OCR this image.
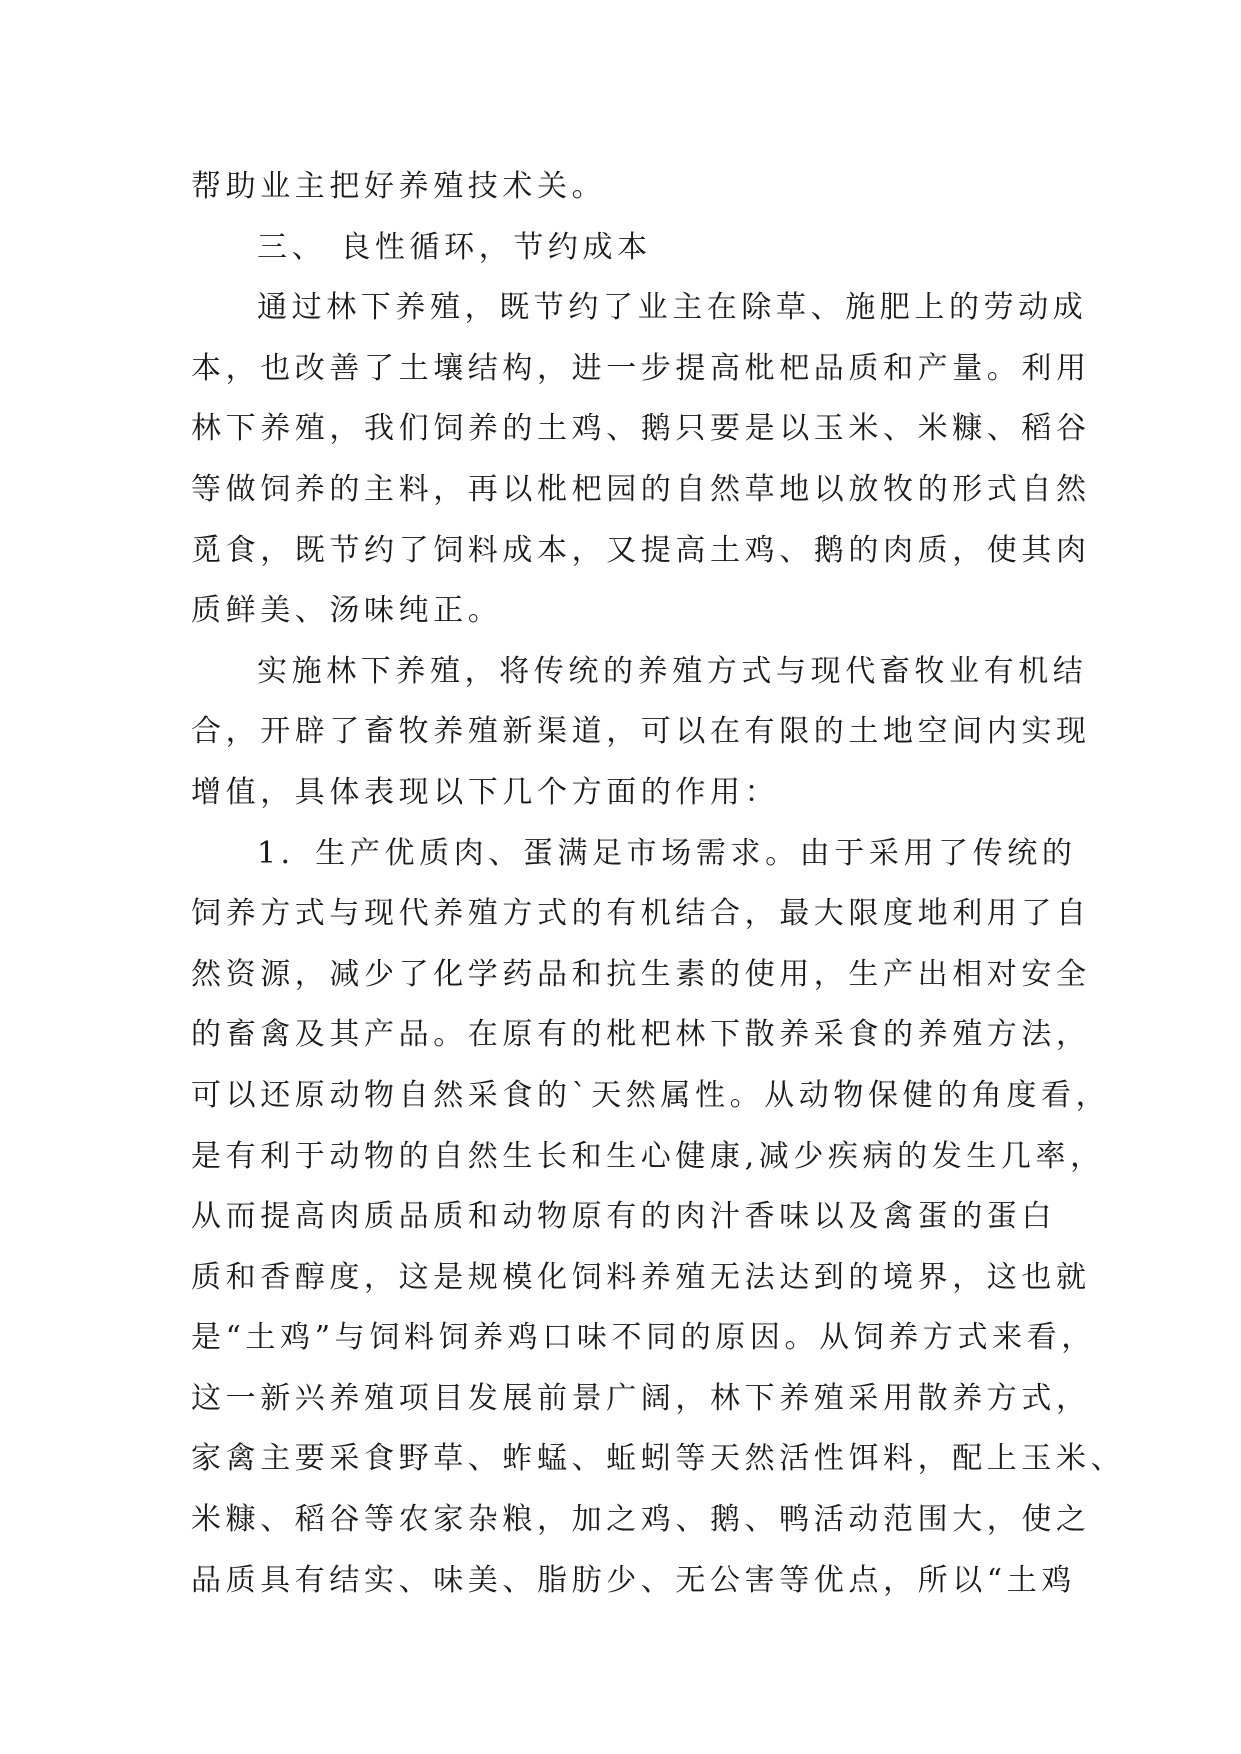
帮助业主把好养殖技术关。
三、 良性循环，节约成本
通过林下养殖，既节约了业主在除草、施肥上的劳动成
本，也改善了土壤结构，进一步提高枇杷品质和产量。利用
林下养殖，我们饲养的土鸡、鹅只要是以玉米、米糠、稻谷
等做饲养的主料，再以枇杷园的自然草地以放牧的形式自然
觅食，既节约了饲料成本，又提高土鸡、鹅的肉质，使其肉
质鲜美、汤味纯正。
实施林下养殖，将传统的养殖方式与现代畜牧业有机结
合，开辟了畜牧养殖新渠道，可以在有限的土地空间内实现
增值，具体表现以下几个方面的作用：
1．生产优质肉、蛋满足市场需求。由于采用了传统的
饲养方式与现代养殖方式的有机结合，最大限度地利用了自
然资源，减少了化学药品和抗生素的使用，生产出相对安全
的畜禽及其产品。在原有的枇杷林下散养采食的养殖方法，
可以还原动物自然采食的`天然属性。从动物保健的角度看，
是有利于动物的自然生长和生心健康,减少疾病的发生几率，
从而提高肉质品质和动物原有的肉汁香味以及禽蛋的蛋白
质和香醇度，这是规模化饲料养殖无法达到的境界，这也就
是“土鸡”与饲料饲养鸡口味不同的原因。从饲养方式来看，
这一新兴养殖项目发展前景广阔，林下养殖采用散养方式，
家禽主要采食野草、蚱蜢、蚯蚓等天然活性饵料，配上玉米、
米糠、稻谷等农家杂粮，加之鸡、鹅、鸭活动范围大，使之
品质具有结实、味美、脂肪少、无公害等优点，所以“土鸡
